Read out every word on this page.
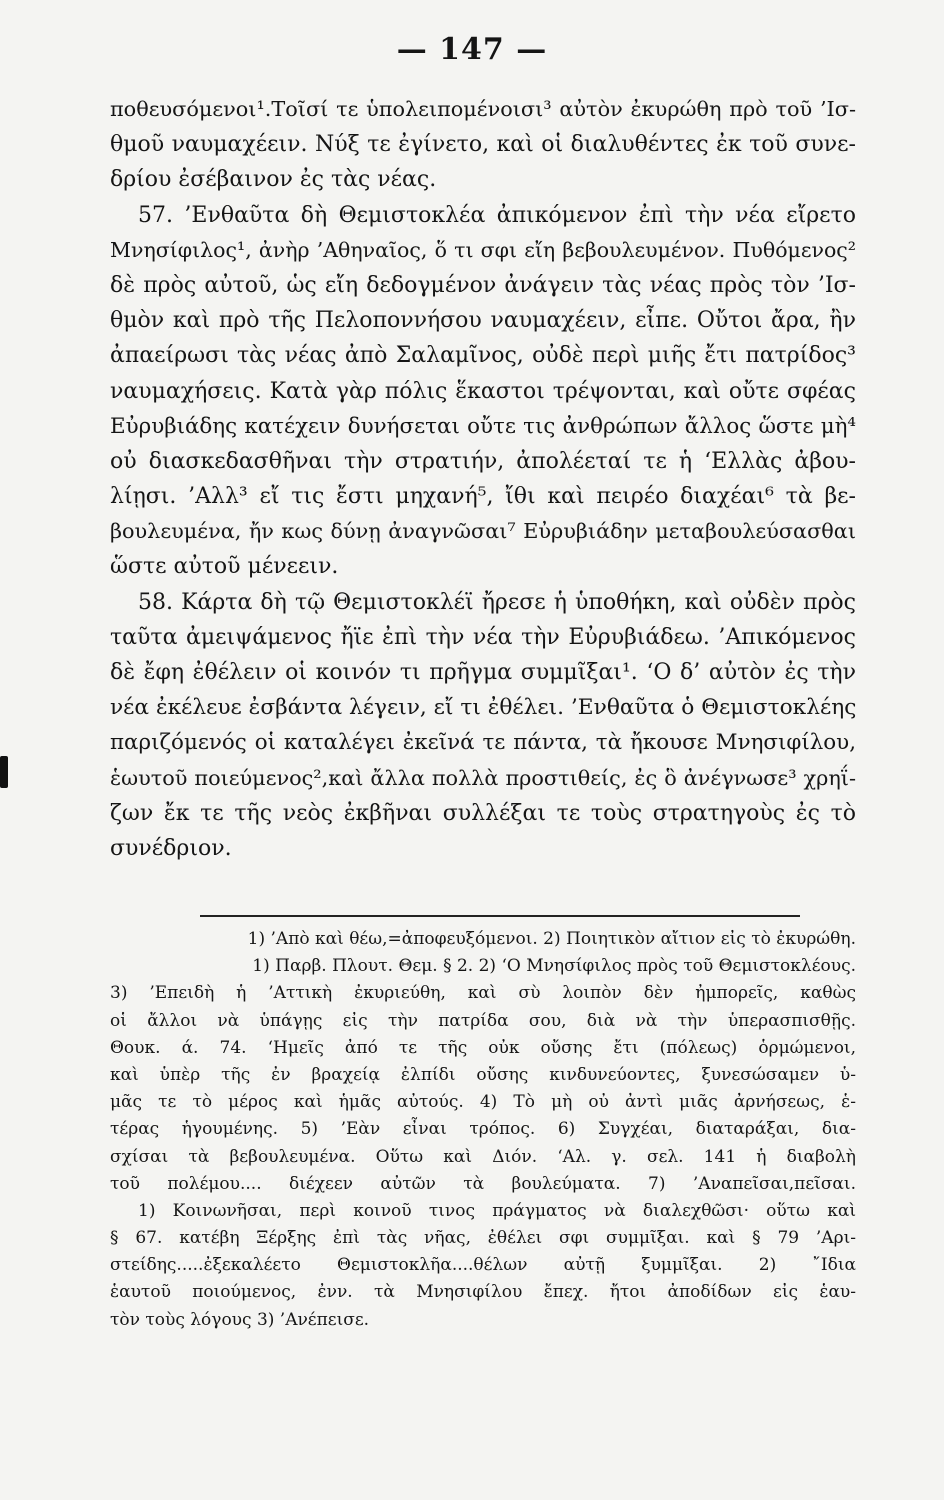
— 147 —
ποθευσόμενοι¹.Τοῖσί τε ὑπολειπομένοισι³ αὐτὸν ἐκυρώθη πρὸ τοῦ ’Ισ-
θμοῦ ναυμαχέειν. Νύξ τε ἐγίνετο, καὶ οἱ διαλυθέντες ἐκ τοῦ συνε-
δρίου ἐσέβαινον ἐς τὰς νέας.
57. ’Ενθαῦτα δὴ Θεμιστοκλέα ἀπικόμενον ἐπὶ τὴν νέα εἴρετο
Μνησίφιλος¹, ἀνὴρ ’Αθηναῖος, ὅ τι σφι εἴη βεβουλευμένον. Πυθόμενος²
δὲ πρὸς αὐτοῦ, ὡς εἴη δεδογμένον ἀνάγειν τὰς νέας πρὸς τὸν ’Ισ-
θμὸν καὶ πρὸ τῆς Πελοποννήσου ναυμαχέειν, εἶπε. Οὔτοι ἄρα, ἢν
ἀπαείρωσι τὰς νέας ἀπὸ Σαλαμῖνος, οὐδὲ περὶ μιῆς ἔτι πατρίδος³
ναυμαχήσεις. Κατὰ γὰρ πόλις ἕκαστοι τρέψονται, καὶ οὔτε σφέας
Εὐρυβιάδης κατέχειν δυνήσεται οὔτε τις ἀνθρώπων ἄλλος ὥστε μὴ⁴
οὐ διασκεδασθῆναι τὴν στρατιήν, ἀπολέεταί τε ἡ ‘Ελλὰς ἀβου-
λίῃσι. ’Αλλ³ εἴ τις ἔστι μηχανή⁵, ἴθι καὶ πειρέο διαχέαι⁶ τὰ βε-
βουλευμένα, ἤν κως δύνῃ ἀναγνῶσαι⁷ Εὐρυβιάδην μεταβουλεύσασθαι
ὥστε αὐτοῦ μένεειν.
58. Κάρτα δὴ τῷ Θεμιστοκλέϊ ἤρεσε ἡ ὑποθήκη, καὶ οὐδὲν πρὸς
ταῦτα ἀμειψάμενος ἤϊε ἐπὶ τὴν νέα τὴν Εὐρυβιάδεω. ’Απικόμενος
δὲ ἔφη ἐθέλειν οἱ κοινόν τι πρῆγμα συμμῖξαι¹. ‘Ο δ’ αὐτὸν ἐς τὴν
νέα ἐκέλευε ἐσβάντα λέγειν, εἴ τι ἐθέλει. ’Ενθαῦτα ὁ Θεμιστοκλέης
παριζόμενός οἱ καταλέγει ἐκεῖνά τε πάντα, τὰ ἤκουσε Μνησιφίλου,
ἑωυτοῦ ποιεύμενος²,καὶ ἄλλα πολλὰ προστιθείς, ἐς ὃ ἀνέγνωσε³ χρηΐ-
ζων ἔκ τε τῆς νεὸς ἐκβῆναι συλλέξαι τε τοὺς στρατηγοὺς ἐς τὸ
συνέδριον.
1) ’Απὸ καὶ θέω,=ἀποφευξόμενοι. 2) Ποιητικὸν αἴτιον εἰς τὸ ἐκυρώθη.
1) Παρβ. Πλουτ. Θεμ. § 2. 2) ‘Ο Μνησίφιλος πρὸς τοῦ Θεμιστοκλέους.
3) ’Επειδὴ ἡ ’Αττικὴ ἐκυριεύθη, καὶ σὺ λοιπὸν δὲν ἠμπορεῖς, καθὼς
οἱ ἄλλοι νὰ ὑπάγῃς εἰς τὴν πατρίδα σου, διὰ νὰ τὴν ὑπερασπισθῇς.
Θουκ. ά. 74. ‘Ημεῖς ἀπό τε τῆς οὐκ οὔσης ἔτι (πόλεως) ὁρμώμενοι,
καὶ ὑπὲρ τῆς ἐν βραχείᾳ ἐλπίδι οὔσης κινδυνεύοντες, ξυνεσώσαμεν ὑ-
μᾶς τε τὸ μέρος καὶ ἡμᾶς αὐτούς. 4) Τὸ μὴ οὐ ἀντὶ μιᾶς ἀρνήσεως, ἑ-
τέρας ἡγουμένης. 5) ’Εὰν εἶναι τρόπος. 6) Συγχέαι, διαταράξαι, δια-
σχίσαι τὰ βεβουλευμένα. Οὕτω καὶ Διόν. ‘Αλ. γ. σελ. 141 ἡ διαβολὴ
τοῦ πολέμου.... διέχεεν αὐτῶν τὰ βουλεύματα. 7) ’Αναπεῖσαι,πεῖσαι.
1) Κοινωνῆσαι, περὶ κοινοῦ τινος πράγματος νὰ διαλεχθῶσι· οὕτω καὶ
§ 67. κατέβη Ξέρξης ἐπὶ τὰς νῆας, ἐθέλει σφι συμμῖξαι. καὶ § 79 ’Αρι-
στείδης.....ἐξεκαλέετο Θεμιστοκλῆα....θέλων αὐτῇ ξυμμῖξαι. 2) ῎Ιδια
ἑαυτοῦ ποιούμενος, ἐνν. τὰ Μνησιφίλου ἔπεχ. ἤτοι ἀποδίδων εἰς ἑαυ-
τὸν τοὺς λόγους 3) ’Ανέπεισε.
